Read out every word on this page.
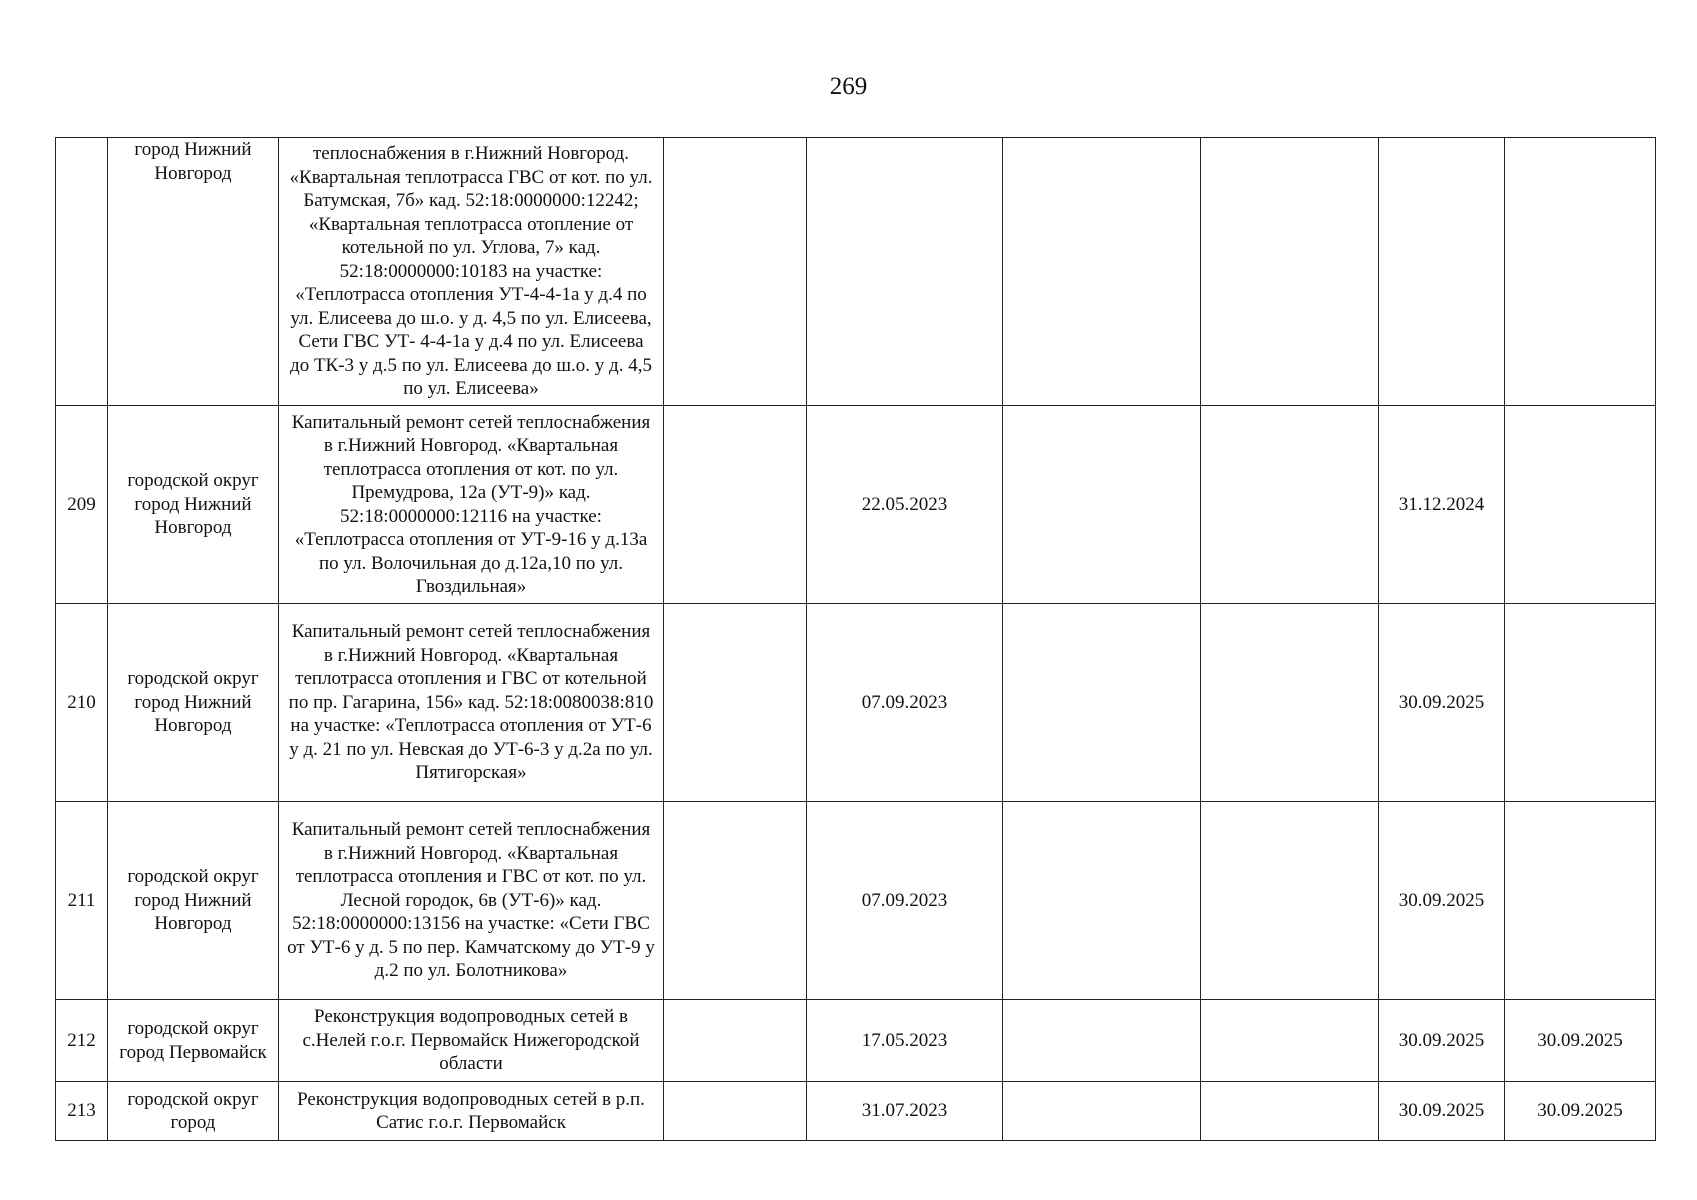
269
	город Нижний Новгород	теплоснабжения в г.Нижний Новгород. «Квартальная теплотрасса ГВС от кот. по ул. Батумская, 7б» кад. 52:18:0000000:12242; «Квартальная теплотрасса отопление от котельной по ул. Углова, 7» кад. 52:18:0000000:10183 на участке: «Теплотрасса отопления УТ-4-4-1а у д.4 по ул. Елисеева до ш.о. у д. 4,5 по ул. Елисеева, Сети ГВС УТ- 4-4-1а у д.4 по ул. Елисеева до ТК-3 у д.5 по ул. Елисеева до ш.о. у д. 4,5 по ул. Елисеева»						
209	городской округ город Нижний Новгород	Капитальный ремонт сетей теплоснабжения в г.Нижний Новгород. «Квартальная теплотрасса отопления от кот. по ул. Премудрова, 12а (УТ-9)» кад. 52:18:0000000:12116 на участке: «Теплотрасса отопления от УТ-9-16 у д.13а по ул. Волочильная до д.12а,10 по ул. Гвоздильная»		22.05.2023			31.12.2024	
210	городской округ город Нижний Новгород	Капитальный ремонт сетей теплоснабжения в г.Нижний Новгород. «Квартальная теплотрасса отопления и ГВС от котельной по пр. Гагарина, 156» кад. 52:18:0080038:810 на участке: «Теплотрасса отопления от УТ-6 у д. 21 по ул. Невская до УТ-6-3 у д.2а по ул. Пятигорская»		07.09.2023			30.09.2025	
211	городской округ город Нижний Новгород	Капитальный ремонт сетей теплоснабжения в г.Нижний Новгород. «Квартальная теплотрасса отопления и ГВС от кот. по ул. Лесной городок, 6в (УТ-6)» кад. 52:18:0000000:13156 на участке: «Сети ГВС от УТ-6 у д. 5 по пер. Камчатскому до УТ-9 у д.2 по ул. Болотникова»		07.09.2023			30.09.2025	
212	городской округ город Первомайск	Реконструкция водопроводных сетей в с.Нелей г.о.г. Первомайск Нижегородской области		17.05.2023			30.09.2025	30.09.2025
213	городской округ город	Реконструкция водопроводных сетей в р.п. Сатис г.о.г. Первомайск		31.07.2023			30.09.2025	30.09.2025
